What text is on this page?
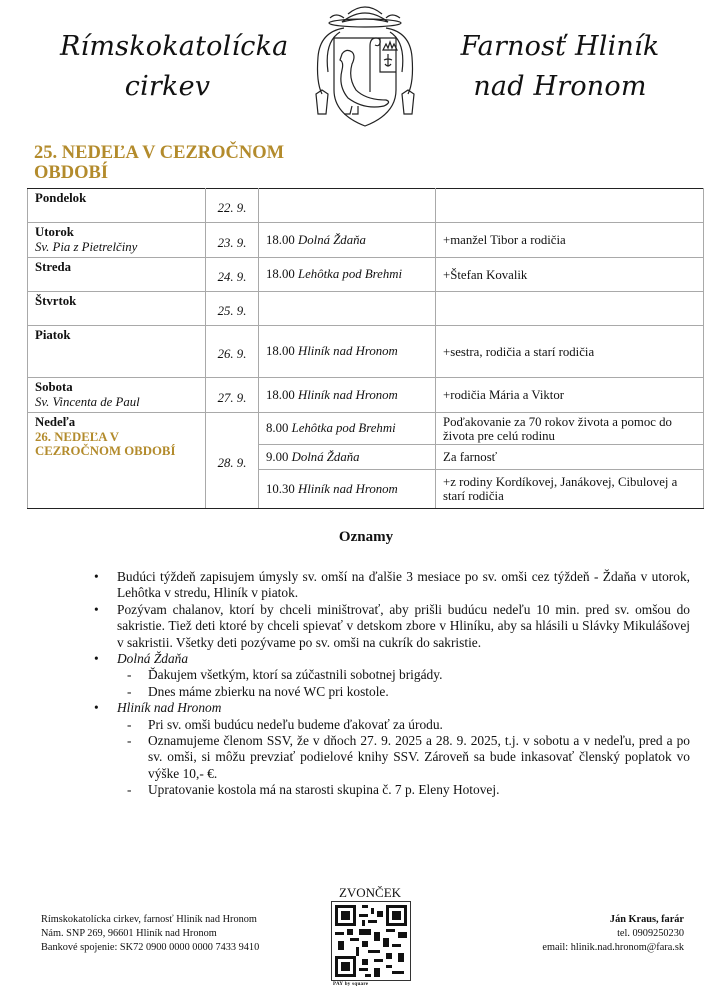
Rímskokatolícka
cirkev
Farnosť Hliník
nad Hronom
25. NEDEĽA V CEZROČNOM
OBDOBÍ
Pondelok	22. 9.		

Utorok
Sv. Pia z Pietrelčiny	23. 9.	18.00 Dolná Ždaňa	+manžel Tibor a rodičia

Streda	24. 9.	18.00 Lehôtka pod Brehmi	+Štefan Kovalik

Štvrtok	25. 9.		

Piatok	26. 9.	18.00 Hliník nad Hronom	+sestra, rodičia a starí rodičia

Sobota
Sv. Vincenta de Paul	27. 9.	18.00 Hliník nad Hronom	+rodičia Mária a Viktor

Nedeľa
26. NEDEĽA V
CEZROČNOM OBDOBÍ	28. 9.	8.00 Lehôtka pod Brehmi	Poďakovanie za 70 rokov života a pomoc do života pre celú rodinu
		9.00 Dolná Ždaňa	Za farnosť
		10.30 Hliník nad Hronom	+z rodiny Kordíkovej, Janákovej, Cibulovej a starí rodičia
Oznamy
• Budúci týždeň zapisujem úmysly sv. omší na ďalšie 3 mesiace po sv. omši cez týždeň - Ždaňa v utorok, Lehôtka v stredu, Hliník v piatok.
• Pozývam chalanov, ktorí by chceli miništrovať, aby prišli budúcu nedeľu 10 min. pred sv. omšou do sakristie. Tiež deti ktoré by chceli spievať v detskom zbore v Hliníku, aby sa hlásili u Slávky Mikulášovej v sakristii. Všetky deti pozývame po sv. omši na cukrík do sakristie.
• Dolná Ždaňa
- Ďakujem všetkým, ktorí sa zúčastnili sobotnej brigády.
- Dnes máme zbierku na nové WC pri kostole.
• Hliník nad Hronom
- Pri sv. omši budúcu nedeľu budeme ďakovať za úrodu.
- Oznamujeme členom SSV, že v dňoch 27. 9. 2025 a 28. 9. 2025, t.j. v sobotu a v nedeľu, pred a po sv. omši, si môžu prevziať podielové knihy SSV. Zároveň sa bude inkasovať členský poplatok vo výške 10,- €.
- Upratovanie kostola má na starosti skupina č. 7 p. Eleny Hotovej.
Rímskokatolícka cirkev, farnosť Hliník nad Hronom
Nám. SNP 269, 96601 Hliník nad Hronom
Bankové spojenie: SK72 0900 0000 0000 7433 9410
ZVONČEK
PAY by square
Ján Kraus, farár
tel. 0909250230
email: hlinik.nad.hronom@fara.sk
